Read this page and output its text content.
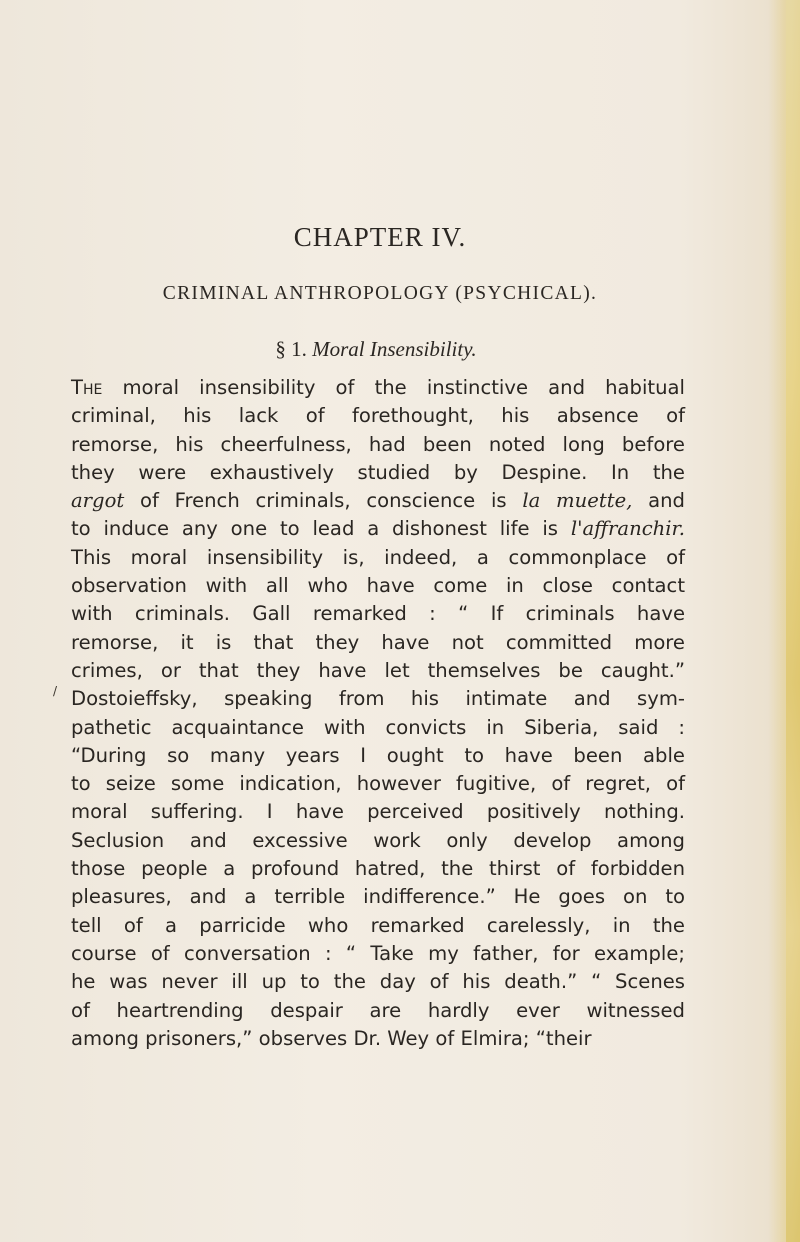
CHAPTER IV.
CRIMINAL ANTHROPOLOGY (PSYCHICAL).
§ 1. Moral Insensibility.
/
The moral insensibility of the instinctive and habitual
criminal, his lack of forethought, his absence of
remorse, his cheerfulness, had been noted long before
they were exhaustively studied by Despine. In the
argot of French criminals, conscience is la muette, and
to induce any one to lead a dishonest life is l'affranchir.
This moral insensibility is, indeed, a commonplace of
observation with all who have come in close contact
with criminals. Gall remarked : “ If criminals have
remorse, it is that they have not committed more
crimes, or that they have let themselves be caught.”
Dostoieffsky, speaking from his intimate and sym-
pathetic acquaintance with convicts in Siberia, said :
“During so many years I ought to have been able
to seize some indication, however fugitive, of regret, of
moral suffering. I have perceived positively nothing.
Seclusion and excessive work only develop among
those people a profound hatred, the thirst of forbidden
pleasures, and a terrible indifference.” He goes on to
tell of a parricide who remarked carelessly, in the
course of conversation : “ Take my father, for example;
he was never ill up to the day of his death.” “ Scenes
of heartrending despair are hardly ever witnessed
among prisoners,” observes Dr. Wey of Elmira; “their
